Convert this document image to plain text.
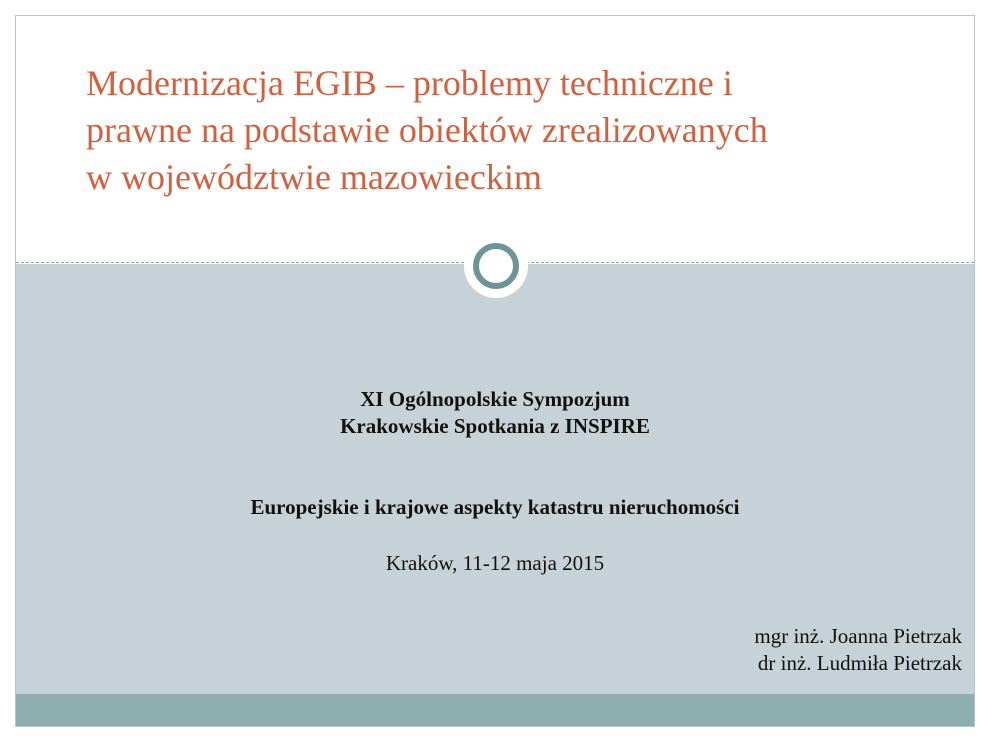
Modernizacja EGIB – problemy techniczne i
prawne na podstawie obiektów zrealizowanych
w województwie mazowieckim

XI Ogólnopolskie Sympozjum

Krakowskie Spotkania z INSPIRE

Europejskie i krajowe aspekty katastru nieruchomości

Kraków, 11-12 maja 2015

mgr inż. Joanna Pietrzak
dr inż. Ludmiła Pietrzak
